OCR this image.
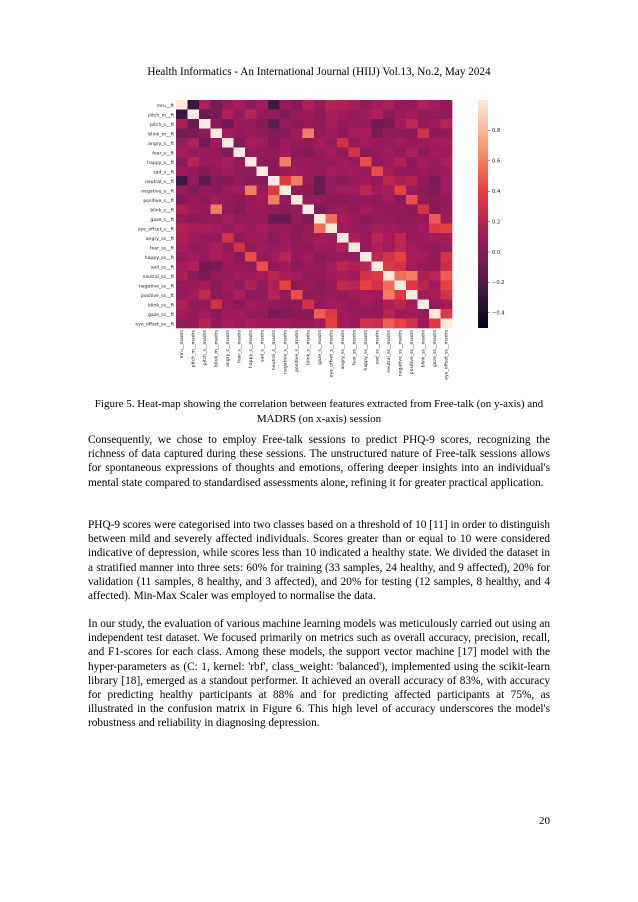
Health Informatics - An International Journal (HIIJ) Vol.13, No.2, May 2024
mru__ft
pitch_m__ft
pitch_s__ft
blink_m__ft
angry_s__ft
fear_s__ft
happy_s__ft
sad_s__ft
neutral_s__ft
negative_s__ft
positive_s__ft
blink_s__ft
gaze_s__ft
eye_offset_s__ft
angry_ss__ft
fear_ss__ft
happy_ss__ft
sad_ss__ft
neutral_ss__ft
negative_ss__ft
positive_ss__ft
blink_ss__ft
gaze_ss__ft
eye_offset_ss__ft
mru__madrs pitch_m__madrs pitch_s__madrs blink_m__madrs angry_s__madrs fear_s__madrs happy_s__madrs sad_s__madrs neutral_s__madrs negative_s__madrs positive_s__madrs blink_s__madrs gaze_s__madrs eye_offset_s__madrs angry_ss__madrs fear_ss__madrs happy_ss__madrs sad_ss__madrs neutral_ss__madrs negative_ss__madrs positive_ss__madrs blink_ss__madrs gaze_ss__madrs eye_offset_ss__madrs
0.8
0.6
0.4
0.2
0.0
−0.2
−0.4
Figure 5. Heat-map showing the correlation between features extracted from Free-talk (on y-axis) and
MADRS (on x-axis) session
Consequently, we chose to employ Free-talk sessions to predict PHQ-9 scores, recognizing the richness of data captured during these sessions. The unstructured nature of Free-talk sessions allows for spontaneous expressions of thoughts and emotions, offering deeper insights into an individual's mental state compared to standardised assessments alone, refining it for greater practical application.
PHQ-9 scores were categorised into two classes based on a threshold of 10 [11] in order to distinguish between mild and severely affected individuals. Scores greater than or equal to 10 were considered indicative of depression, while scores less than 10 indicated a healthy state. We divided the dataset in a stratified manner into three sets: 60% for training (33 samples, 24 healthy, and 9 affected), 20% for validation (11 samples, 8 healthy, and 3 affected), and 20% for testing (12 samples, 8 healthy, and 4 affected). Min-Max Scaler was employed to normalise the data.
In our study, the evaluation of various machine learning models was meticulously carried out using an independent test dataset. We focused primarily on metrics such as overall accuracy, precision, recall, and F1-scores for each class. Among these models, the support vector machine [17] model with the hyper-parameters as (C: 1, kernel: 'rbf', class_weight: 'balanced'), implemented using the scikit-learn library [18], emerged as a standout performer. It achieved an overall accuracy of 83%, with accuracy for predicting healthy participants at 88% and for predicting affected participants at 75%, as illustrated in the confusion matrix in Figure 6. This high level of accuracy underscores the model's robustness and reliability in diagnosing depression.
20
